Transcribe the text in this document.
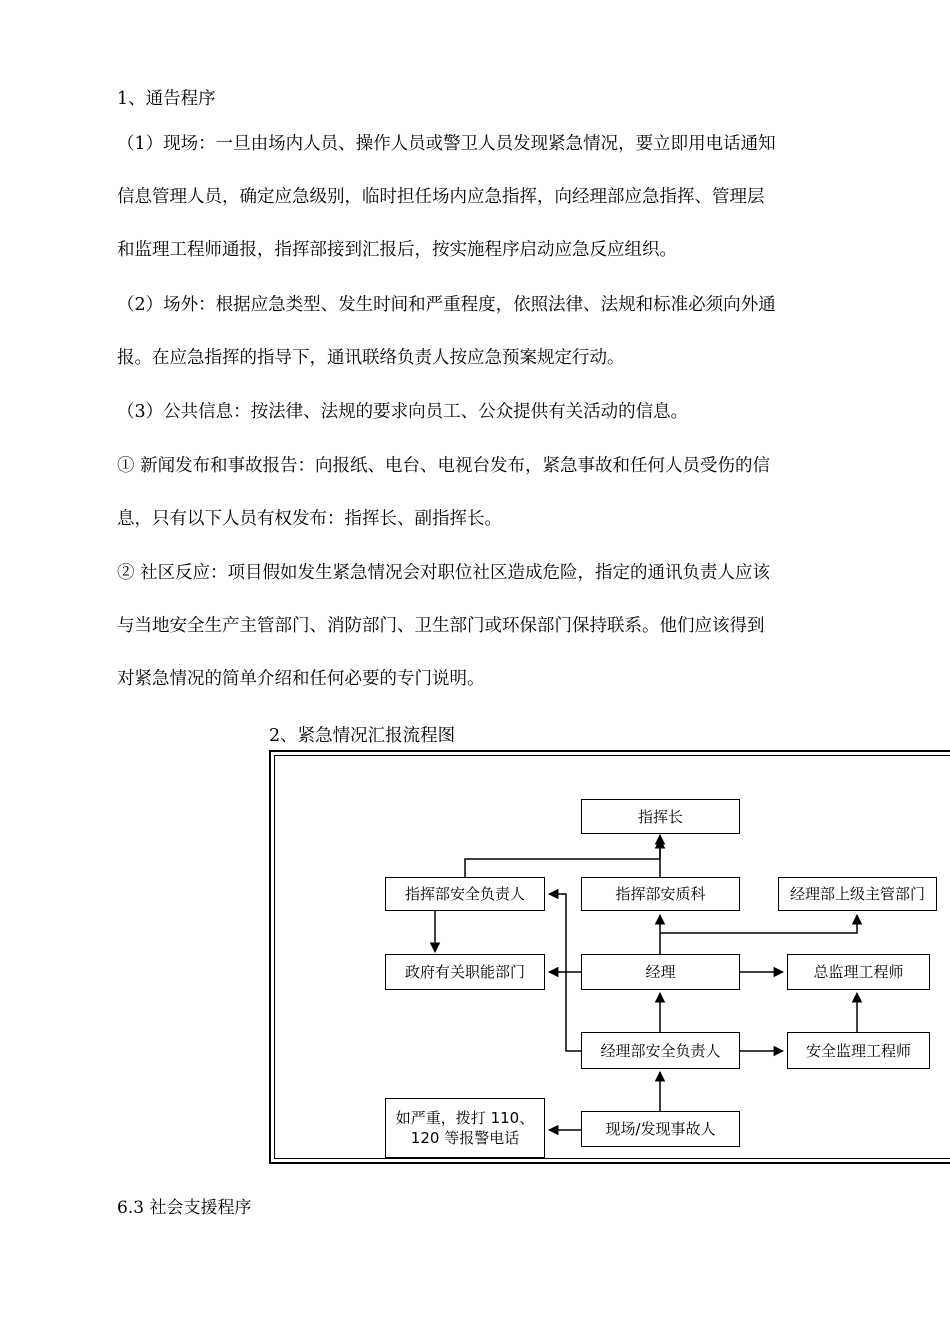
1、通告程序
（1）现场：一旦由场内人员、操作人员或警卫人员发现紧急情况，要立即用电话通知
信息管理人员，确定应急级别，临时担任场内应急指挥，向经理部应急指挥、管理层
和监理工程师通报，指挥部接到汇报后，按实施程序启动应急反应组织。
（2）场外：根据应急类型、发生时间和严重程度，依照法律、法规和标准必须向外通
报。在应急指挥的指导下，通讯联络负责人按应急预案规定行动。
（3）公共信息：按法律、法规的要求向员工、公众提供有关活动的信息。
① 新闻发布和事故报告：向报纸、电台、电视台发布，紧急事故和任何人员受伤的信
息，只有以下人员有权发布：指挥长、副指挥长。
② 社区反应：项目假如发生紧急情况会对职位社区造成危险，指定的通讯负责人应该
与当地安全生产主管部门、消防部门、卫生部门或环保部门保持联系。他们应该得到
对紧急情况的简单介绍和任何必要的专门说明。
2、紧急情况汇报流程图
指挥长
指挥部安全负责人	指挥部安质科	经理部上级主管部门
政府有关职能部门	经理	总监理工程师
经理部安全负责人	安全监理工程师
如严重，拨打 110、
120 等报警电话	现场/发现事故人
6.3 社会支援程序
